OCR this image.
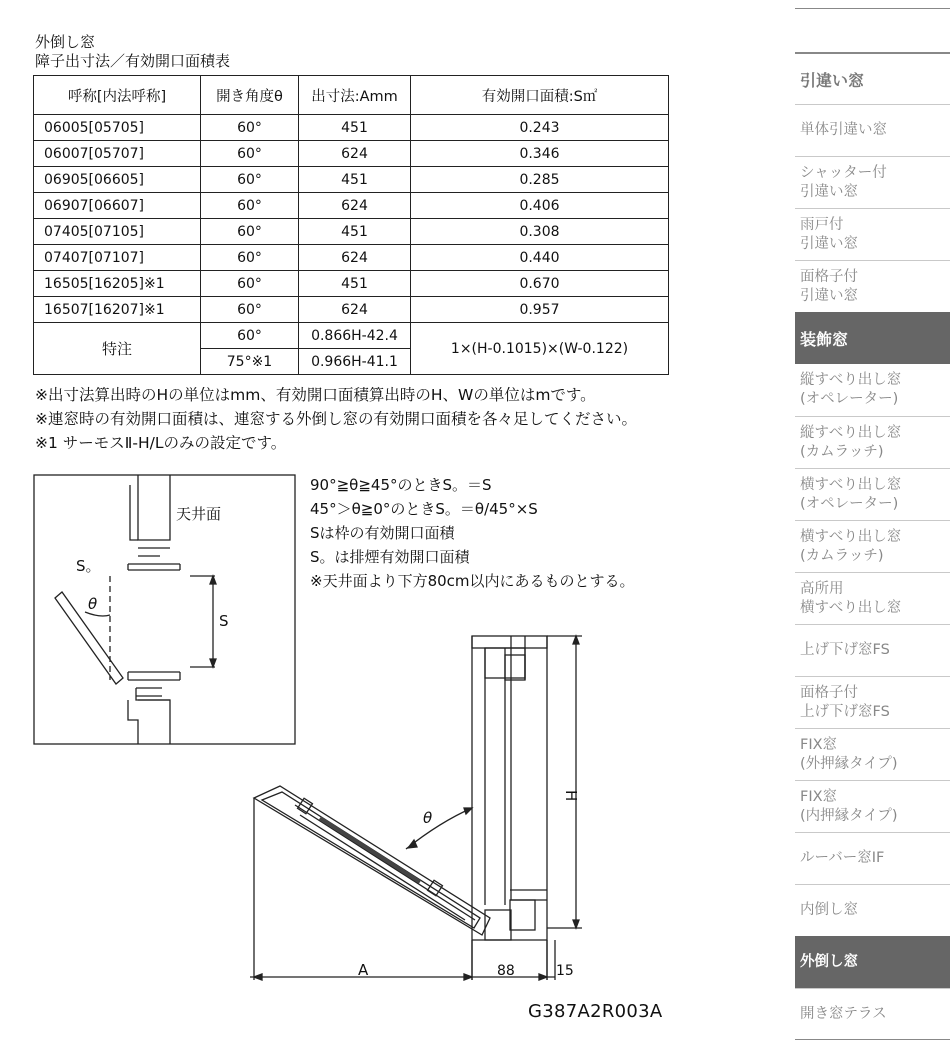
外倒し窓
障子出寸法／有効開口面積表
呼称[内法呼称]	開き角度θ	出寸法:Amm	有効開口面積:S㎡
06005[05705]	60°	451	0.243
06007[05707]	60°	624	0.346
06905[06605]	60°	451	0.285
06907[06607]	60°	624	0.406
07405[07105]	60°	451	0.308
07407[07107]	60°	624	0.440
16505[16205]※1	60°	451	0.670
16507[16207]※1	60°	624	0.957
特注	60°	0.866H-42.4	1×(H-0.1015)×(W-0.122)
	75°※1	0.966H-41.1	
※出寸法算出時のHの単位はmm、有効開口面積算出時のH、Wの単位はmです。
※連窓時の有効開口面積は、連窓する外倒し窓の有効開口面積を各々足してください。
※1 サーモスⅡ-H/Lのみの設定です。
90°≧θ≧45°のときS。＝S
45°＞θ≧0°のときS。＝θ/45°×S
Sは枠の有効開口面積
S。は排煙有効開口面積
※天井面より下方80cm以内にあるものとする。
天井面
S。
θ
S
θ
H
A	88	15
G387A2R003A
引違い窓
単体引違い窓
シャッター付
引違い窓
雨戸付
引違い窓
面格子付
引違い窓
装飾窓
縦すべり出し窓
(オペレーター)
縦すべり出し窓
(カムラッチ)
横すべり出し窓
(オペレーター)
横すべり出し窓
(カムラッチ)
高所用
横すべり出し窓
上げ下げ窓FS
面格子付
上げ下げ窓FS
FIX窓
(外押縁タイプ)
FIX窓
(内押縁タイプ)
ルーバー窓IF
内倒し窓
外倒し窓
開き窓テラス
